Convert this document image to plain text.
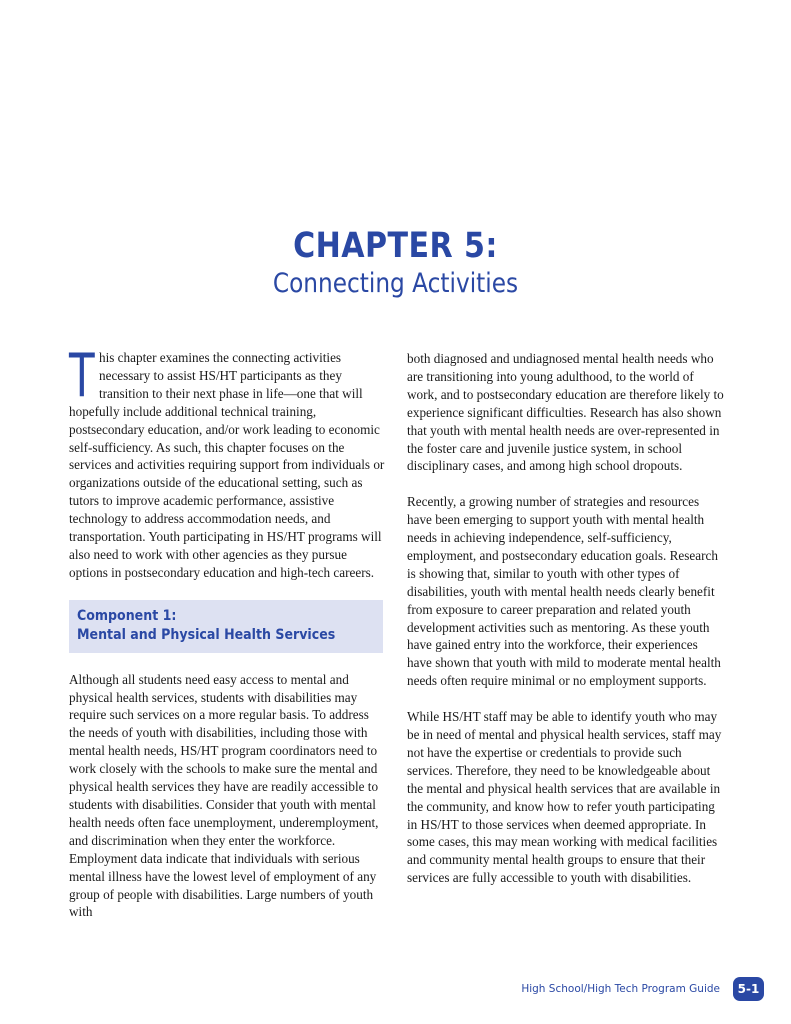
CHAPTER 5:
Connecting Activities

This chapter examines the connecting activities necessary to assist HS/HT participants as they transition to their next phase in life—one that will hopefully include additional technical training, postsecondary education, and/or work leading to economic self-sufficiency. As such, this chapter focuses on the services and activities requiring support from individuals or organizations outside of the educational setting, such as tutors to improve academic performance, assistive technology to address accommodation needs, and transportation. Youth participating in HS/HT programs will also need to work with other agencies as they pursue options in postsecondary education and high-tech careers.

Component 1:
Mental and Physical Health Services

Although all students need easy access to mental and physical health services, students with disabilities may require such services on a more regular basis. To address the needs of youth with disabilities, including those with mental health needs, HS/HT program coordinators need to work closely with the schools to make sure the mental and physical health services they have are readily accessible to students with disabilities. Consider that youth with mental health needs often face unemployment, underemployment, and discrimination when they enter the workforce. Employment data indicate that individuals with serious mental illness have the lowest level of employment of any group of people with disabilities. Large numbers of youth with

both diagnosed and undiagnosed mental health needs who are transitioning into young adulthood, to the world of work, and to postsecondary education are therefore likely to experience significant difficulties. Research has also shown that youth with mental health needs are over-represented in the foster care and juvenile justice system, in school disciplinary cases, and among high school dropouts.

Recently, a growing number of strategies and resources have been emerging to support youth with mental health needs in achieving independence, self-sufficiency, employment, and postsecondary education goals. Research is showing that, similar to youth with other types of disabilities, youth with mental health needs clearly benefit from exposure to career preparation and related youth development activities such as mentoring. As these youth have gained entry into the workforce, their experiences have shown that youth with mild to moderate mental health needs often require minimal or no employment supports.

While HS/HT staff may be able to identify youth who may be in need of mental and physical health services, staff may not have the expertise or credentials to provide such services. Therefore, they need to be knowledgeable about the mental and physical health services that are available in the community, and know how to refer youth participating in HS/HT to those services when deemed appropriate. In some cases, this may mean working with medical facilities and community mental health groups to ensure that their services are fully accessible to youth with disabilities.

High School/High Tech Program Guide	5-1
